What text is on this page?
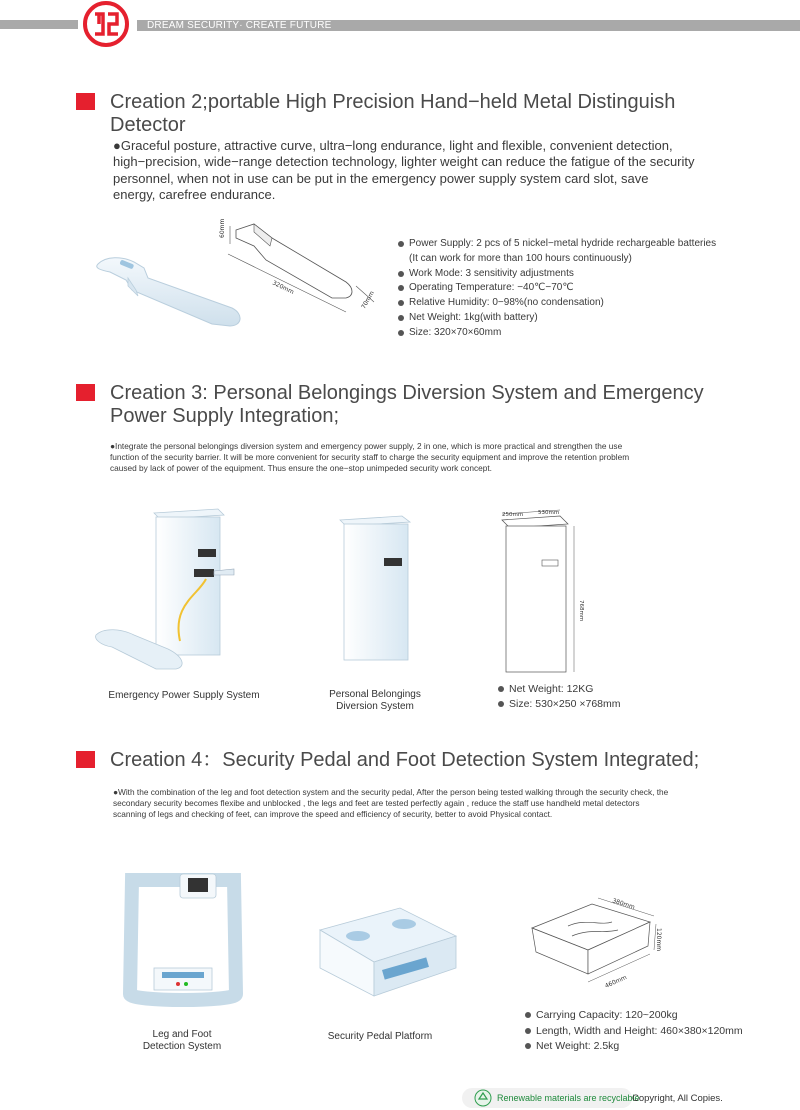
DREAM SECURITY· CREATE FUTURE
Creation 2;portable High Precision Hand−held Metal Distinguish
Detector
●Graceful posture, attractive curve, ultra−long endurance, light and flexible, convenient detection,
high−precision, wide−range detection technology, lighter weight can reduce the fatigue of the security
personnel, when not in use can be put in the emergency power supply system card slot, save
energy, carefree endurance.
60mm
320mm
70mm
Power Supply: 2 pcs of 5 nickel−metal hydride rechargeable batteries
(It can work for more than 100 hours continuously)
Work Mode: 3 sensitivity adjustments
Operating Temperature: −40℃−70℃
Relative Humidity: 0−98%(no condensation)
Net Weight: 1kg(with battery)
Size: 320×70×60mm
Creation 3: Personal Belongings Diversion System and Emergency
Power Supply Integration;
●Integrate the personal belongings diversion system and emergency power supply, 2 in one, which is more practical and strengthen the use
function of the security barrier. It will be more convenient for security staff to charge the security equipment and improve the retention problem
caused by lack of power of the equipment. Thus ensure the one−stop unimpeded security work concept.
Emergency Power Supply System	Personal Belongings
Diversion System
250mm	530mm
768mm
Net Weight: 12KG
Size: 530×250 ×768mm
Creation 4：Security Pedal and Foot Detection System Integrated;
●With the combination of the leg and foot detection system and the security pedal, After the person being tested walking through the security check, the
secondary security becomes flexibe and unblocked , the legs and feet are tested perfectly again , reduce the staff use handheld metal detectors
scanning of legs and checking of feet, can improve the speed and efficiency of security, better to avoid Physical contact.
Leg and Foot
Detection System
Security Pedal Platform
380mm
120mm
460mm
Carrying Capacity: 120~200kg
Length, Width and Height: 460×380×120mm
Net Weight: 2.5kg
Renewable materials are recyclable
Copyright, All Copies.
